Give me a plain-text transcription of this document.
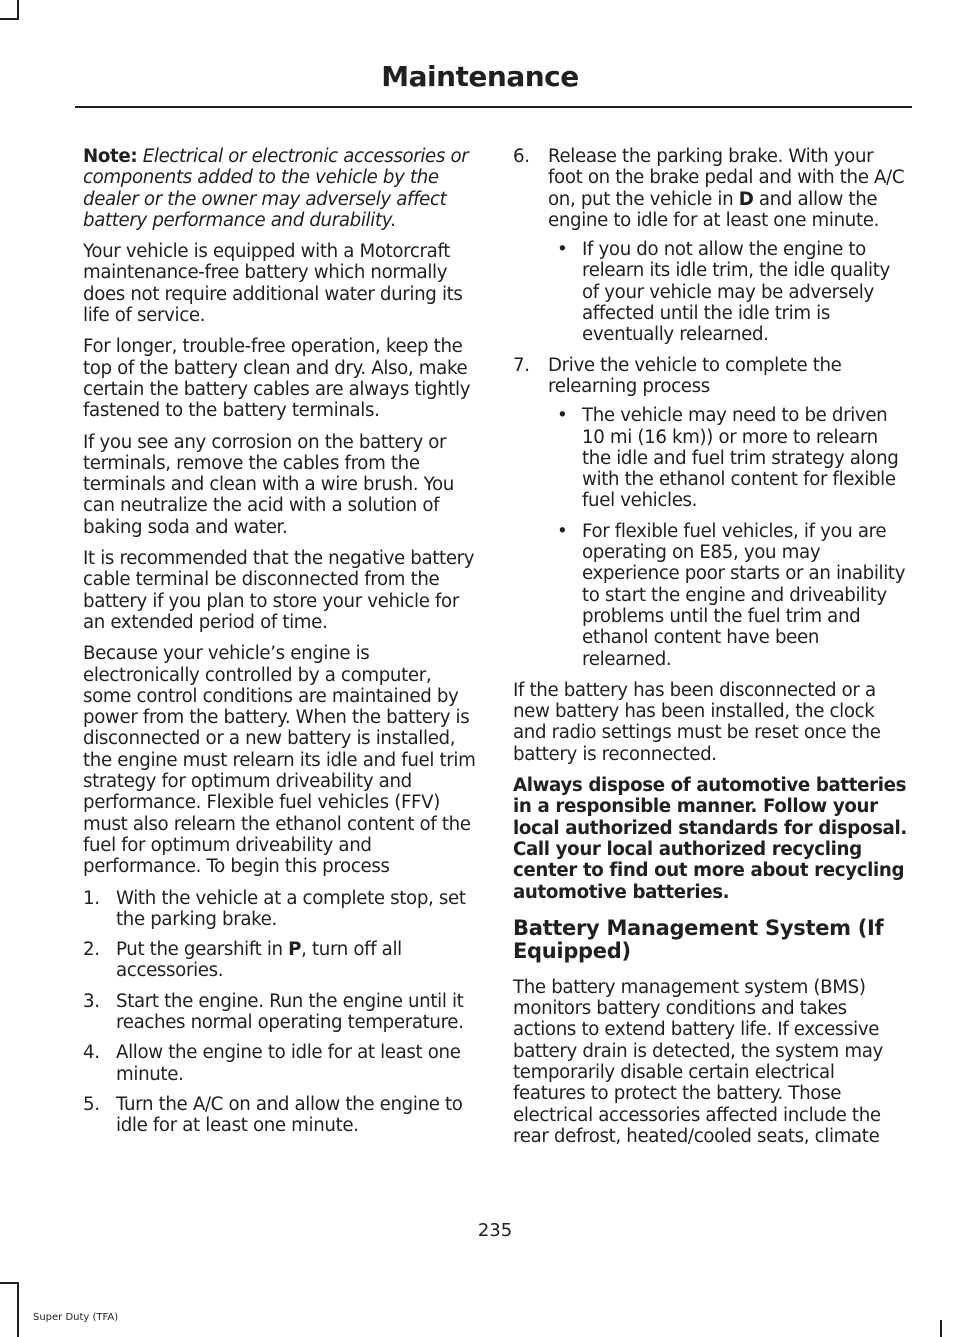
Maintenance

Note: Electrical or electronic accessories or components added to the vehicle by the dealer or the owner may adversely affect battery performance and durability.

Your vehicle is equipped with a Motorcraft maintenance-free battery which normally does not require additional water during its life of service.

For longer, trouble-free operation, keep the top of the battery clean and dry. Also, make certain the battery cables are always tightly fastened to the battery terminals.

If you see any corrosion on the battery or terminals, remove the cables from the terminals and clean with a wire brush. You can neutralize the acid with a solution of baking soda and water.

It is recommended that the negative battery cable terminal be disconnected from the battery if you plan to store your vehicle for an extended period of time.

Because your vehicle’s engine is electronically controlled by a computer, some control conditions are maintained by power from the battery. When the battery is disconnected or a new battery is installed, the engine must relearn its idle and fuel trim strategy for optimum driveability and performance. Flexible fuel vehicles (FFV) must also relearn the ethanol content of the fuel for optimum driveability and performance. To begin this process

1. With the vehicle at a complete stop, set the parking brake.
2. Put the gearshift in P, turn off all accessories.
3. Start the engine. Run the engine until it reaches normal operating temperature.
4. Allow the engine to idle for at least one minute.
5. Turn the A/C on and allow the engine to idle for at least one minute.
6. Release the parking brake. With your foot on the brake pedal and with the A/C on, put the vehicle in D and allow the engine to idle for at least one minute.
• If you do not allow the engine to relearn its idle trim, the idle quality of your vehicle may be adversely affected until the idle trim is eventually relearned.
7. Drive the vehicle to complete the relearning process
• The vehicle may need to be driven 10 mi (16 km)) or more to relearn the idle and fuel trim strategy along with the ethanol content for flexible fuel vehicles.
• For flexible fuel vehicles, if you are operating on E85, you may experience poor starts or an inability to start the engine and driveability problems until the fuel trim and ethanol content have been relearned.

If the battery has been disconnected or a new battery has been installed, the clock and radio settings must be reset once the battery is reconnected.

Always dispose of automotive batteries in a responsible manner. Follow your local authorized standards for disposal. Call your local authorized recycling center to find out more about recycling automotive batteries.

Battery Management System (If Equipped)

The battery management system (BMS) monitors battery conditions and takes actions to extend battery life. If excessive battery drain is detected, the system may temporarily disable certain electrical features to protect the battery. Those electrical accessories affected include the rear defrost, heated/cooled seats, climate

235
Super Duty (TFA)
